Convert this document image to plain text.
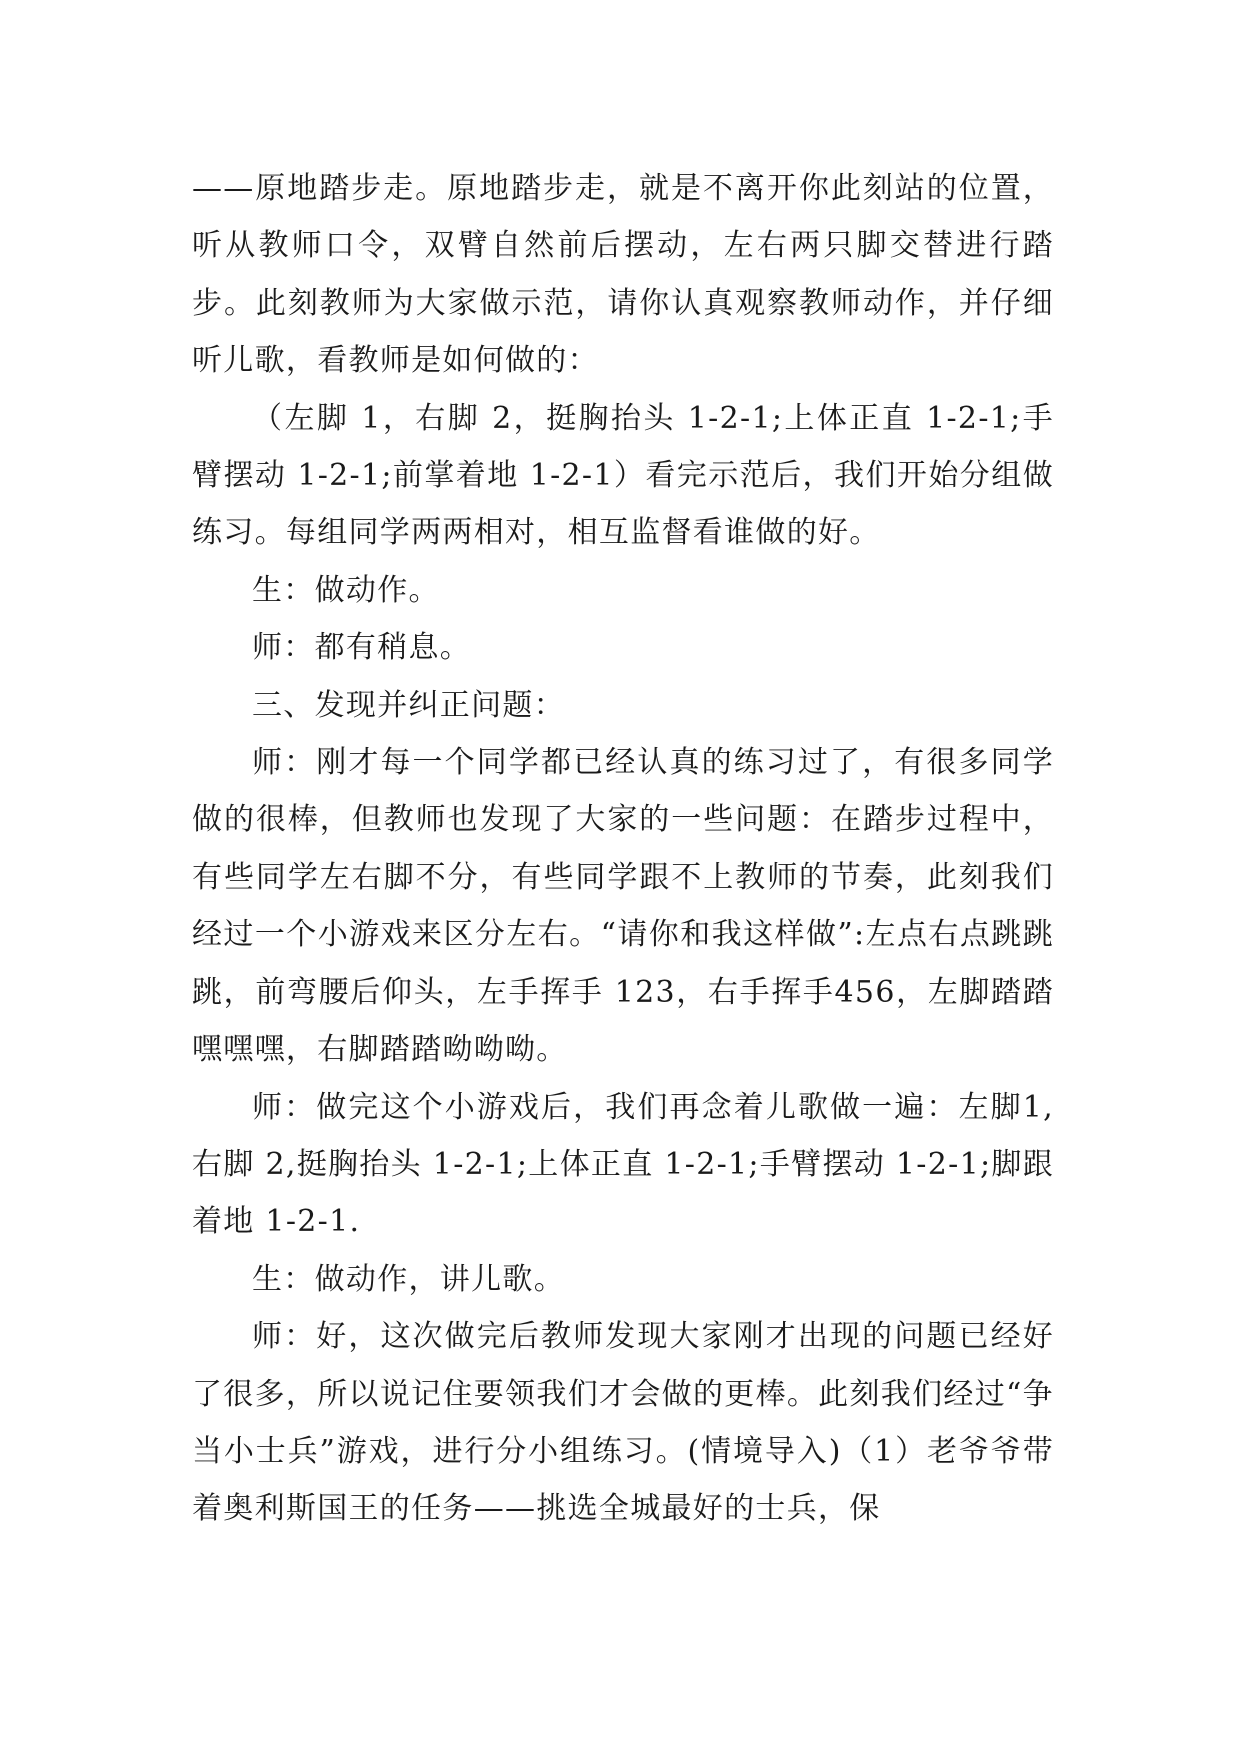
——原地踏步走。原地踏步走，就是不离开你此刻站的位置，听从教师口令，双臂自然前后摆动，左右两只脚交替进行踏步。此刻教师为大家做示范，请你认真观察教师动作，并仔细听儿歌，看教师是如何做的：

（左脚 1，右脚 2，挺胸抬头 1-2-1;上体正直 1-2-1;手臂摆动 1-2-1;前掌着地 1-2-1）看完示范后，我们开始分组做练习。每组同学两两相对，相互监督看谁做的好。

生：做动作。

师：都有稍息。

三、发现并纠正问题：

师：刚才每一个同学都已经认真的练习过了，有很多同学做的很棒，但教师也发现了大家的一些问题：在踏步过程中，有些同学左右脚不分，有些同学跟不上教师的节奏，此刻我们经过一个小游戏来区分左右。“请你和我这样做”:左点右点跳跳跳，前弯腰后仰头，左手挥手 123，右手挥手456，左脚踏踏嘿嘿嘿，右脚踏踏呦呦呦。

师：做完这个小游戏后，我们再念着儿歌做一遍：左脚1,右脚 2,挺胸抬头 1-2-1;上体正直 1-2-1;手臂摆动 1-2-1;脚跟着地 1-2-1.

生：做动作，讲儿歌。

师：好，这次做完后教师发现大家刚才出现的问题已经好了很多，所以说记住要领我们才会做的更棒。此刻我们经过“争当小士兵”游戏，进行分小组练习。(情境导入)（1）老爷爷带着奥利斯国王的任务——挑选全城最好的士兵，保
